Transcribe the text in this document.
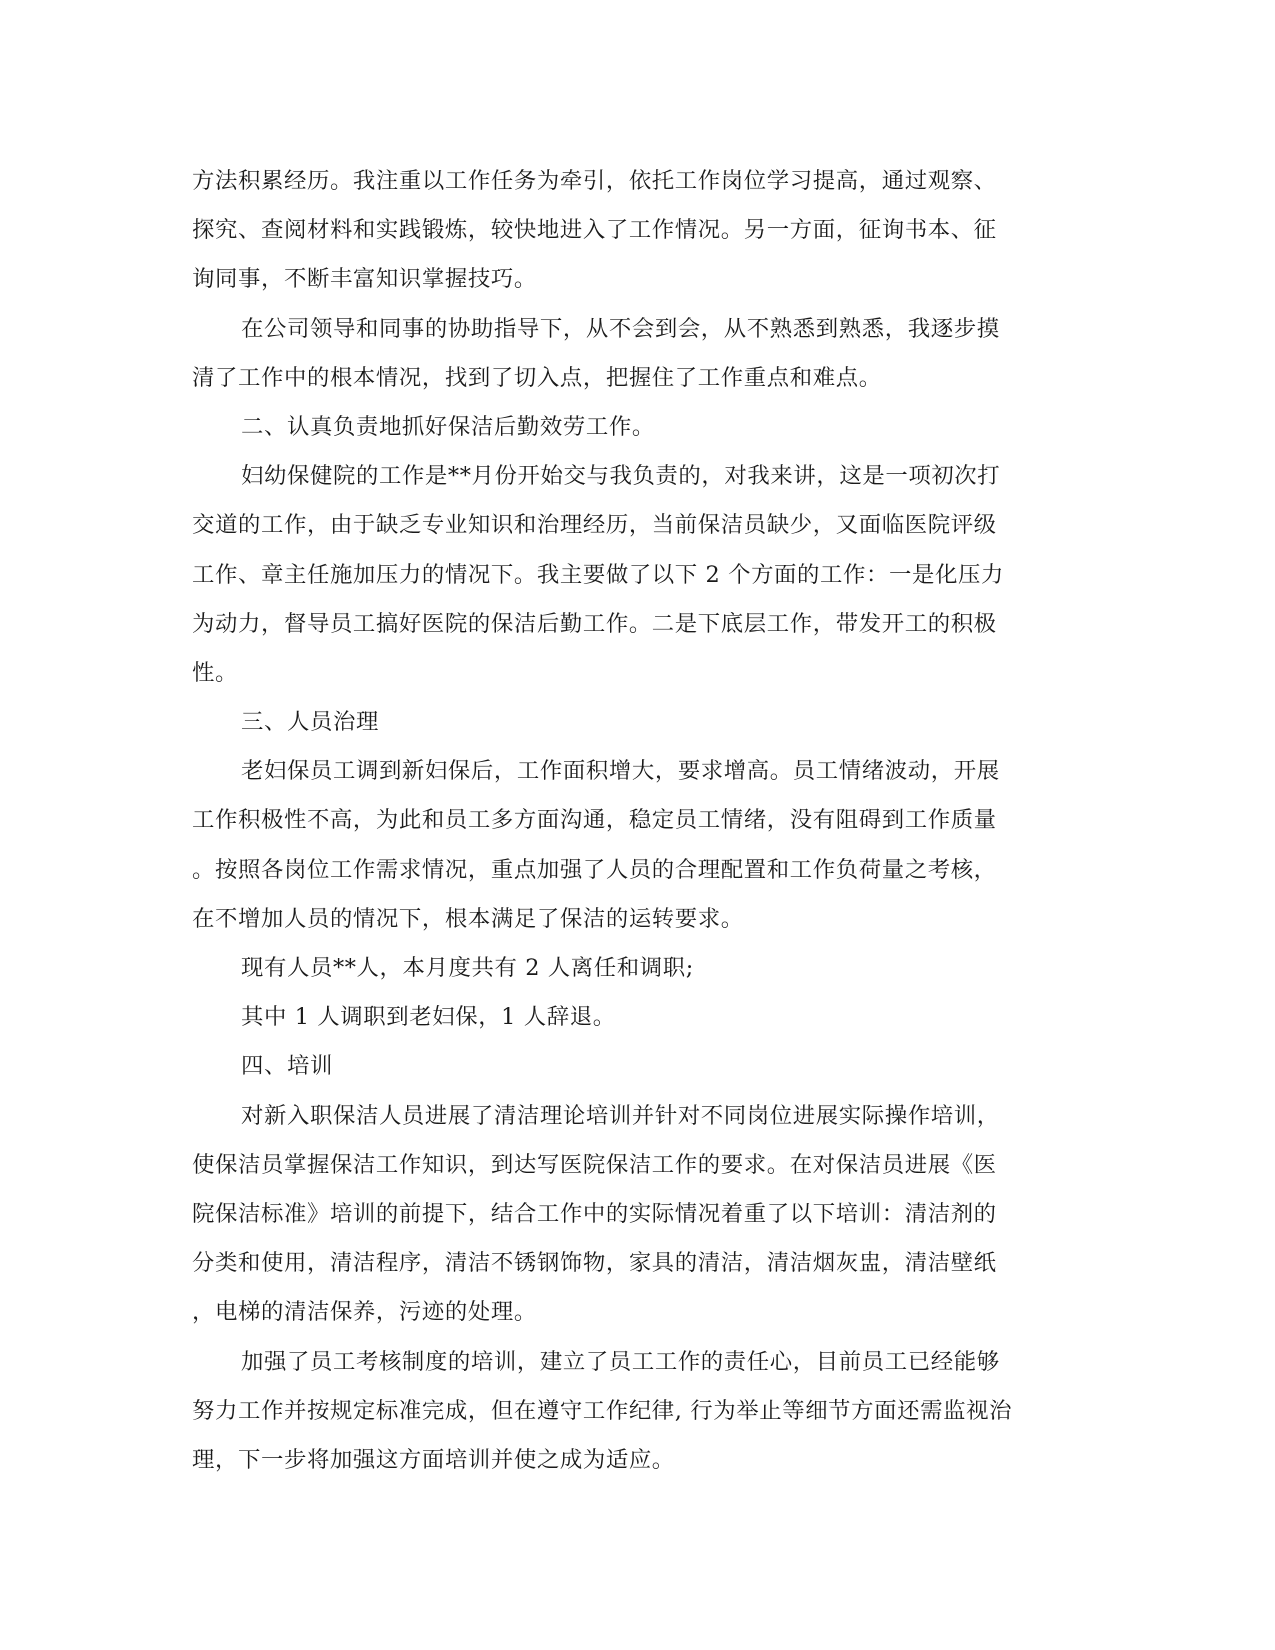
方法积累经历。我注重以工作任务为牵引，依托工作岗位学习提高，通过观察、
探究、查阅材料和实践锻炼，较快地进入了工作情况。另一方面，征询书本、征
询同事，不断丰富知识掌握技巧。
在公司领导和同事的协助指导下，从不会到会，从不熟悉到熟悉，我逐步摸
清了工作中的根本情况，找到了切入点，把握住了工作重点和难点。
二、认真负责地抓好保洁后勤效劳工作。
妇幼保健院的工作是**月份开始交与我负责的，对我来讲，这是一项初次打
交道的工作，由于缺乏专业知识和治理经历，当前保洁员缺少，又面临医院评级
工作、章主任施加压力的情况下。我主要做了以下 2 个方面的工作：一是化压力
为动力，督导员工搞好医院的保洁后勤工作。二是下底层工作，带发开工的积极
性。
三、人员治理
老妇保员工调到新妇保后，工作面积增大，要求增高。员工情绪波动，开展
工作积极性不高，为此和员工多方面沟通，稳定员工情绪，没有阻碍到工作质量
。按照各岗位工作需求情况，重点加强了人员的合理配置和工作负荷量之考核，
在不增加人员的情况下，根本满足了保洁的运转要求。
现有人员**人，本月度共有 2 人离任和调职;
其中 1 人调职到老妇保，1 人辞退。
四、培训
对新入职保洁人员进展了清洁理论培训并针对不同岗位进展实际操作培训，
使保洁员掌握保洁工作知识，到达写医院保洁工作的要求。在对保洁员进展《医
院保洁标准》培训的前提下，结合工作中的实际情况着重了以下培训：清洁剂的
分类和使用，清洁程序，清洁不锈钢饰物，家具的清洁，清洁烟灰盅，清洁壁纸
，电梯的清洁保养，污迹的处理。
加强了员工考核制度的培训，建立了员工工作的责任心，目前员工已经能够
努力工作并按规定标准完成，但在遵守工作纪律, 行为举止等细节方面还需监视治
理，下一步将加强这方面培训并使之成为适应。
